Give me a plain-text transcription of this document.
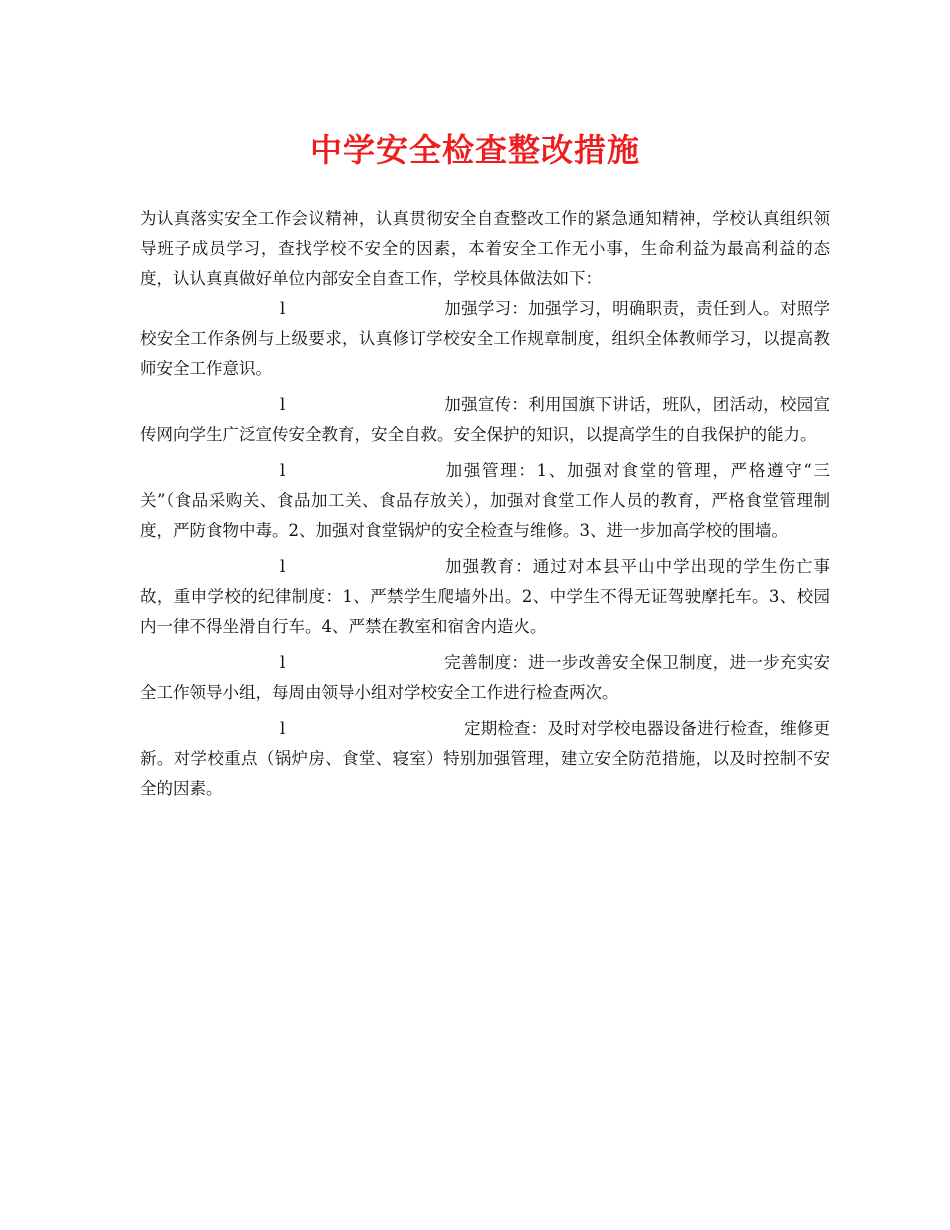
中学安全检查整改措施

为认真落实安全工作会议精神，认真贯彻安全自查整改工作的紧急通知精神，学校认真组织领导班子成员学习，查找学校不安全的因素，本着安全工作无小事，生命利益为最高利益的态度，认认真真做好单位内部安全自查工作，学校具体做法如下：

l	加强学习：加强学习，明确职责，责任到人。对照学校安全工作条例与上级要求，认真修订学校安全工作规章制度，组织全体教师学习，以提高教师安全工作意识。

l	加强宣传：利用国旗下讲话，班队，团活动，校园宣传网向学生广泛宣传安全教育，安全自救。安全保护的知识，以提高学生的自我保护的能力。

l	加强管理：1、加强对食堂的管理，严格遵守“三关”（食品采购关、食品加工关、食品存放关），加强对食堂工作人员的教育，严格食堂管理制度，严防食物中毒。2、加强对食堂锅炉的安全检查与维修。3、进一步加高学校的围墙。

l	加强教育：通过对本县平山中学出现的学生伤亡事故，重申学校的纪律制度：1、严禁学生爬墙外出。2、中学生不得无证驾驶摩托车。3、校园内一律不得坐滑自行车。4、严禁在教室和宿舍内造火。

l	完善制度：进一步改善安全保卫制度，进一步充实安全工作领导小组，每周由领导小组对学校安全工作进行检查两次。

l	定期检查：及时对学校电器设备进行检查，维修更新。对学校重点（锅炉房、食堂、寝室）特别加强管理，建立安全防范措施，以及时控制不安全的因素。
